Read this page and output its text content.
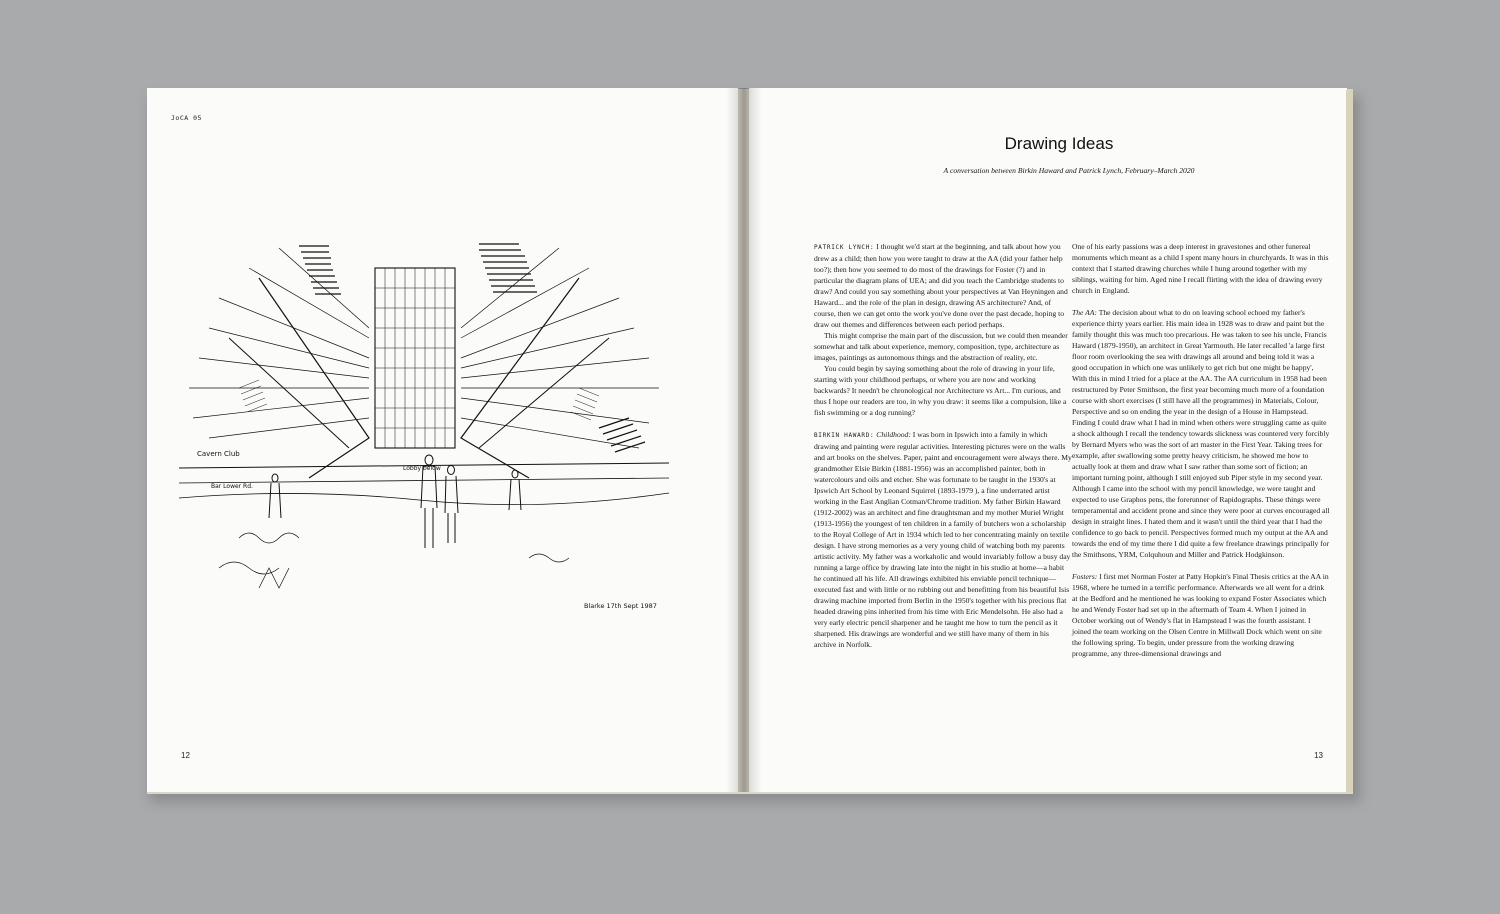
JoCA 05
Cavern Club
Lobby below
Bar Lower Rd.
Blarke 17th Sept 1987
12
Drawing Ideas
A conversation between Birkin Haward and Patrick Lynch, February–March 2020

PATRICK LYNCH: I thought we'd start at the beginning, and talk about how you drew as a child; then how you were taught to draw at the AA (did your father help too?); then how you seemed to do most of the drawings for Foster (?) and in particular the diagram plans of UEA; and did you teach the Cambridge students to draw? And could you say something about your perspectives at Van Heyningen and Haward... and the role of the plan in design, drawing AS architecture? And, of course, then we can get onto the work you've done over the past decade, hoping to draw out themes and differences between each period perhaps.

This might comprise the main part of the discussion, but we could then meander somewhat and talk about experience, memory, composition, type, architecture as images, paintings as autonomous things and the abstraction of reality, etc.

You could begin by saying something about the role of drawing in your life, starting with your childhood perhaps, or where you are now and working backwards? It needn't be chronological nor Architecture vs Art... I'm curious, and thus I hope our readers are too, in why you draw: it seems like a compulsion, like a fish swimming or a dog running?

BIRKIN HAWARD: Childhood: I was born in Ipswich into a family in which drawing and painting were regular activities. Interesting pictures were on the walls and art books on the shelves. Paper, paint and encouragement were always there. My grandmother Elsie Birkin (1881-1956) was an accomplished painter, both in watercolours and oils and etcher. She was fortunate to be taught in the 1930's at Ipswich Art School by Leonard Squirrel (1893-1979 ), a fine underrated artist working in the East Anglian Cotman/Chrome tradition. My father Birkin Haward (1912-2002) was an architect and fine draughtsman and my mother Muriel Wright (1913-1956) the youngest of ten children in a family of butchers won a scholarship to the Royal College of Art in 1934 which led to her concentrating mainly on textile design. I have strong memories as a very young child of watching both my parents artistic activity. My father was a workaholic and would invariably follow a busy day running a large office by drawing late into the night in his studio at home—a habit he continued all his life. All drawings exhibited his enviable pencil technique—executed fast and with little or no rubbing out and benefitting from his beautiful Isis drawing machine imported from Berlin in the 1950's together with his precious flat headed drawing pins inherited from his time with Eric Mendelsohn. He also had a very early electric pencil sharpener and he taught me how to turn the pencil as it sharpened. His drawings are wonderful and we still have many of them in his archive in Norfolk.

One of his early passions was a deep interest in gravestones and other funereal monuments which meant as a child I spent many hours in churchyards. It was in this context that I started drawing churches while I hung around together with my siblings, waiting for him. Aged nine I recall flirting with the idea of drawing every church in England.

The AA: The decision about what to do on leaving school echoed my father's experience thirty years earlier. His main idea in 1928 was to draw and paint but the family thought this was much too precarious. He was taken to see his uncle, Francis Haward (1879-1950), an architect in Great Yarmouth. He later recalled 'a large first floor room overlooking the sea with drawings all around and being told it was a good occupation in which one was unlikely to get rich but one might be happy', With this in mind I tried for a place at the AA. The AA curriculum in 1958 had been restructured by Peter Smithson, the first year becoming much more of a foundation course with short exercises (I still have all the programmes) in Materials, Colour, Perspective and so on ending the year in the design of a House in Hampstead. Finding I could draw what I had in mind when others were struggling came as quite a shock although I recall the tendency towards slickness was countered very forcibly by Bernard Myers who was the sort of art master in the First Year. Taking trees for example, after swallowing some pretty heavy criticism, he showed me how to actually look at them and draw what I saw rather than some sort of fiction; an important turning point, although I still enjoyed sub Piper style in my second year. Although I came into the school with my pencil knowledge, we were taught and expected to use Graphos pens, the forerunner of Rapidographs. These things were temperamental and accident prone and since they were poor at curves encouraged all design in straight lines. I hated them and it wasn't until the third year that I had the confidence to go back to pencil. Perspectives formed much my output at the AA and towards the end of my time there I did quite a few freelance drawings principally for the Smithsons, YRM, Colquhoun and Miller and Patrick Hodgkinson.

Fosters: I first met Norman Foster at Patty Hopkin's Final Thesis critics at the AA in 1968, where he turned in a terrific performance. Afterwards we all went for a drink at the Bedford and he mentioned he was looking to expand Foster Associates which he and Wendy Foster had set up in the aftermath of Team 4. When I joined in October working out of Wendy's flat in Hampstead I was the fourth assistant. I joined the team working on the Olsen Centre in Millwall Dock which went on site the following spring. To begin, under pressure from the working drawing programme, any three-dimensional drawings and

13
